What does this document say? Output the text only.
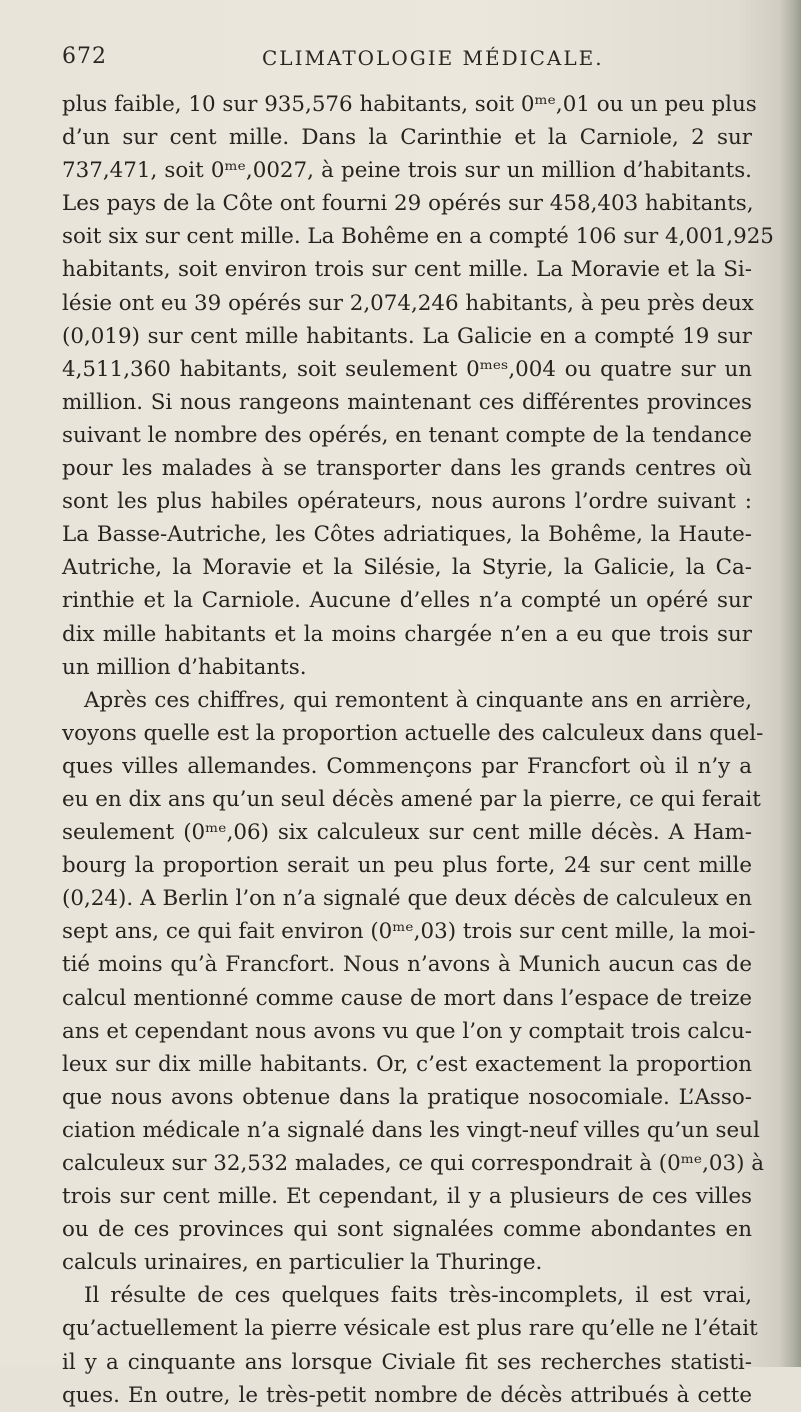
672	CLIMATOLOGIE MÉDICALE.
plus faible, 10 sur 935,576 habitants, soit 0ᵐᵉ,01 ou un peu plus
d’un sur cent mille. Dans la Carinthie et la Carniole, 2 sur
737,471, soit 0ᵐᵉ,0027, à peine trois sur un million d’habitants.
Les pays de la Côte ont fourni 29 opérés sur 458,403 habitants,
soit six sur cent mille. La Bohême en a compté 106 sur 4,001,925
habitants, soit environ trois sur cent mille. La Moravie et la Si-
lésie ont eu 39 opérés sur 2,074,246 habitants, à peu près deux
(0,019) sur cent mille habitants. La Galicie en a compté 19 sur
4,511,360 habitants, soit seulement 0ᵐᵉˢ,004 ou quatre sur un
million. Si nous rangeons maintenant ces différentes provinces
suivant le nombre des opérés, en tenant compte de la tendance
pour les malades à se transporter dans les grands centres où
sont les plus habiles opérateurs, nous aurons l’ordre suivant :
La Basse-Autriche, les Côtes adriatiques, la Bohême, la Haute-
Autriche, la Moravie et la Silésie, la Styrie, la Galicie, la Ca-
rinthie et la Carniole. Aucune d’elles n’a compté un opéré sur
dix mille habitants et la moins chargée n’en a eu que trois sur
un million d’habitants.
Après ces chiffres, qui remontent à cinquante ans en arrière,
voyons quelle est la proportion actuelle des calculeux dans quel-
ques villes allemandes. Commençons par Francfort où il n’y a
eu en dix ans qu’un seul décès amené par la pierre, ce qui ferait
seulement (0ᵐᵉ,06) six calculeux sur cent mille décès. A Ham-
bourg la proportion serait un peu plus forte, 24 sur cent mille
(0,24). A Berlin l’on n’a signalé que deux décès de calculeux en
sept ans, ce qui fait environ (0ᵐᵉ,03) trois sur cent mille, la moi-
tié moins qu’à Francfort. Nous n’avons à Munich aucun cas de
calcul mentionné comme cause de mort dans l’espace de treize
ans et cependant nous avons vu que l’on y comptait trois calcu-
leux sur dix mille habitants. Or, c’est exactement la proportion
que nous avons obtenue dans la pratique nosocomiale. L’Asso-
ciation médicale n’a signalé dans les vingt-neuf villes qu’un seul
calculeux sur 32,532 malades, ce qui correspondrait à (0ᵐᵉ,03) à
trois sur cent mille. Et cependant, il y a plusieurs de ces villes
ou de ces provinces qui sont signalées comme abondantes en
calculs urinaires, en particulier la Thuringe.
Il résulte de ces quelques faits très-incomplets, il est vrai,
qu’actuellement la pierre vésicale est plus rare qu’elle ne l’était
il y a cinquante ans lorsque Civiale fit ses recherches statisti-
ques. En outre, le très-petit nombre de décès attribués à cette
